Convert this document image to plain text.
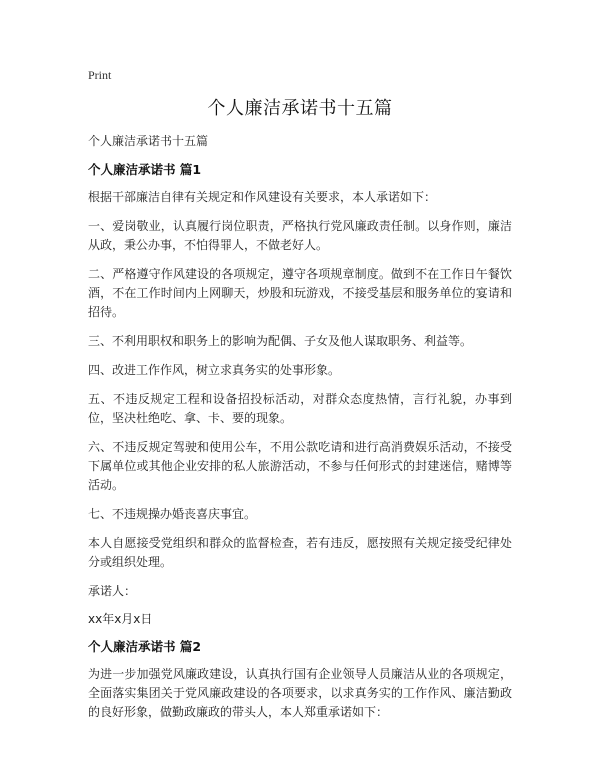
Print
个人廉洁承诺书十五篇
个人廉洁承诺书十五篇
个人廉洁承诺书 篇1

根据干部廉洁自律有关规定和作风建设有关要求，本人承诺如下：

一、爱岗敬业，认真履行岗位职责，严格执行党风廉政责任制。以身作则，廉洁从政，秉公办事，不怕得罪人，不做老好人。

二、严格遵守作风建设的各项规定，遵守各项规章制度。做到不在工作日午餐饮酒，不在工作时间内上网聊天，炒股和玩游戏，不接受基层和服务单位的宴请和招待。

三、不利用职权和职务上的影响为配偶、子女及他人谋取职务、利益等。

四、改进工作作风，树立求真务实的处事形象。

五、不违反规定工程和设备招投标活动，对群众态度热情，言行礼貌，办事到位，坚决杜绝吃、拿、卡、要的现象。

六、不违反规定驾驶和使用公车，不用公款吃请和进行高消费娱乐活动，不接受下属单位或其他企业安排的私人旅游活动，不参与任何形式的封建迷信，赌博等活动。

七、不违规操办婚丧喜庆事宜。

本人自愿接受党组织和群众的监督检查，若有违反，愿按照有关规定接受纪律处分或组织处理。

承诺人：

xx年x月x日

个人廉洁承诺书 篇2

为进一步加强党风廉政建设，认真执行国有企业领导人员廉洁从业的各项规定，全面落实集团关于党风廉政建设的各项要求，以求真务实的工作作风、廉洁勤政的良好形象，做勤政廉政的带头人，本人郑重承诺如下：
